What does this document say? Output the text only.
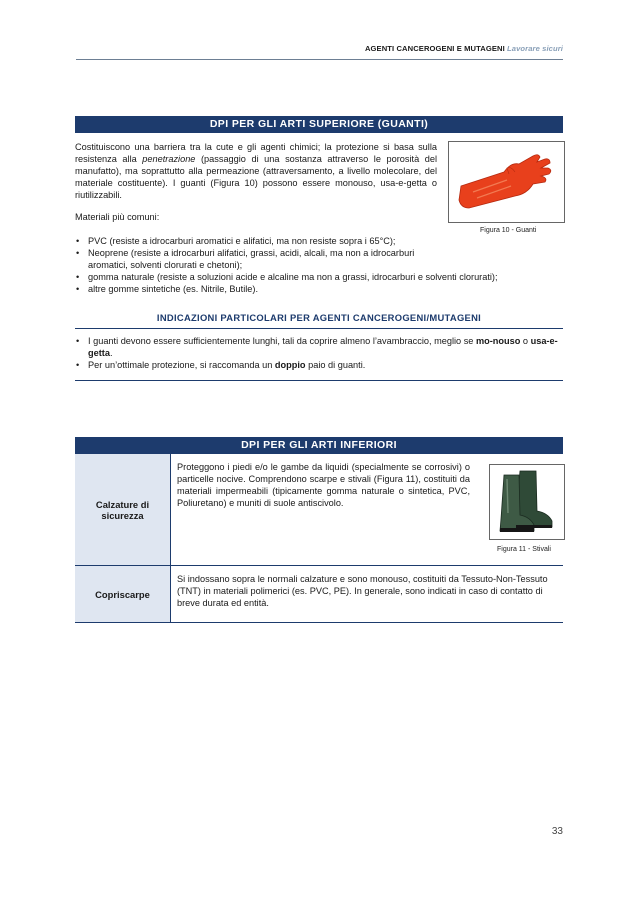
AGENTI CANCEROGENI E MUTAGENI Lavorare sicuri
DPI PER GLI ARTI SUPERIORE (GUANTI)
Costituiscono una barriera tra la cute e gli agenti chimici; la protezione si basa sulla resistenza alla penetrazione (passaggio di una sostanza attraverso le porosità del manufatto), ma soprattutto alla permeazione (attraversamento, a livello molecolare, del materiale costituente). I guanti (Figura 10) possono essere monouso, usa-e-getta o riutilizzabili.
Figura 10 - Guanti
Materiali più comuni:
• PVC (resiste a idrocarburi aromatici e alifatici, ma non resiste sopra i 65°C);
• Neoprene (resiste a idrocarburi alifatici, grassi, acidi, alcali, ma non a idrocarburi aromatici, solventi clorurati e chetoni);
• gomma naturale (resiste a soluzioni acide e alcaline ma non a grassi, idrocarburi e solventi clorurati);
• altre gomme sintetiche (es. Nitrile, Butile).
INDICAZIONI PARTICOLARI PER AGENTI CANCEROGENI/MUTAGENI
• I guanti devono essere sufficientemente lunghi, tali da coprire almeno l’avambraccio, meglio se mo-nouso o usa-e-getta.
• Per un’ottimale protezione, si raccomanda un doppio paio di guanti.
DPI PER GLI ARTI INFERIORI
Calzature di sicurezza	Proteggono i piedi e/o le gambe da liquidi (specialmente se corrosivi) o particelle nocive. Comprendono scarpe e stivali (Figura 11), costituiti da materiali impermeabili (tipicamente gomma naturale o sintetica, PVC, Poliuretano) e muniti di suole antiscivolo.
Figura 11 - Stivali

Copriscarpe	Si indossano sopra le normali calzature e sono monouso, costituiti da Tessuto-Non-Tessuto (TNT) in materiali polimerici (es. PVC, PE). In generale, sono indicati in caso di contatto di breve durata ed entità.
33
